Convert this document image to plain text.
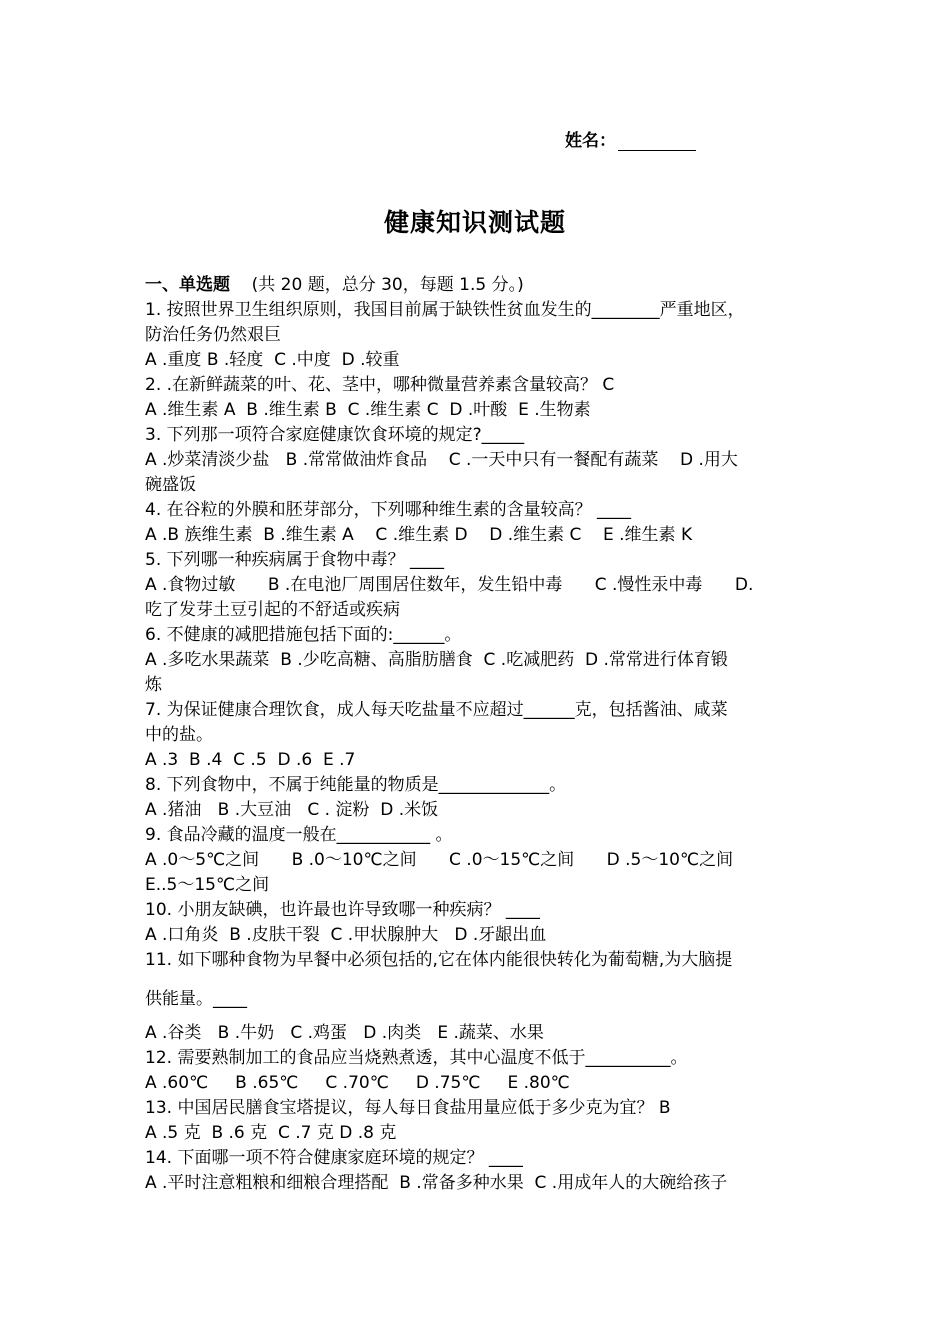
姓名：
健康知识测试题

一、单选题 (共 20 题，总分 30，每题 1.5 分。)

1. 按照世界卫生组织原则，我国目前属于缺铁性贫血发生的________严重地区，

防治任务仍然艰巨

A .重度 B .轻度  C .中度  D .较重

2. .在新鲜蔬菜的叶、花、茎中，哪种微量营养素含量较高？ C

A .维生素 A  B .维生素 B  C .维生素 C  D .叶酸  E .生物素

3. 下列那一项符合家庭健康饮食环境的规定?_____

A .炒菜清淡少盐   B .常常做油炸食品    C .一天中只有一餐配有蔬菜    D .用大

碗盛饭

4. 在谷粒的外膜和胚芽部分，下列哪种维生素的含量较高？ ____

A .B 族维生素  B .维生素 A    C .维生素 D    D .维生素 C    E .维生素 K

5. 下列哪一种疾病属于食物中毒？ ____

A .食物过敏      B .在电池厂周围居住数年，发生铅中毒      C .慢性汞中毒      D.

吃了发芽土豆引起的不舒适或疾病

6. 不健康的减肥措施包括下面的:______。

A .多吃水果蔬菜  B .少吃高糖、高脂肪膳食  C .吃减肥药  D .常常进行体育锻

炼

7. 为保证健康合理饮食，成人每天吃盐量不应超过______克，包括酱油、咸菜

中的盐。

A .3  B .4  C .5  D .6  E .7

8. 下列食物中，不属于纯能量的物质是_____________。

A .猪油   B .大豆油   C . 淀粉  D .米饭

9. 食品冷藏的温度一般在___________ 。

A .0～5℃之间      B .0～10℃之间      C .0～15℃之间      D .5～10℃之间

E..5～15℃之间

10. 小朋友缺碘，也许最也许导致哪一种疾病？ ____

A .口角炎  B .皮肤干裂  C .甲状腺肿大   D .牙龈出血

11. 如下哪种食物为早餐中必须包括的,它在体内能很快转化为葡萄糖,为大脑提

供能量。____

A .谷类   B .牛奶   C .鸡蛋   D .肉类   E .蔬菜、水果

12. 需要熟制加工的食品应当烧熟煮透，其中心温度不低于__________。

A .60℃     B .65℃     C .70℃     D .75℃     E .80℃

13. 中国居民膳食宝塔提议，每人每日食盐用量应低于多少克为宜？ B

A .5 克  B .6 克  C .7 克 D .8 克

14. 下面哪一项不符合健康家庭环境的规定？ ____

A .平时注意粗粮和细粮合理搭配  B .常备多种水果  C .用成年人的大碗给孩子
